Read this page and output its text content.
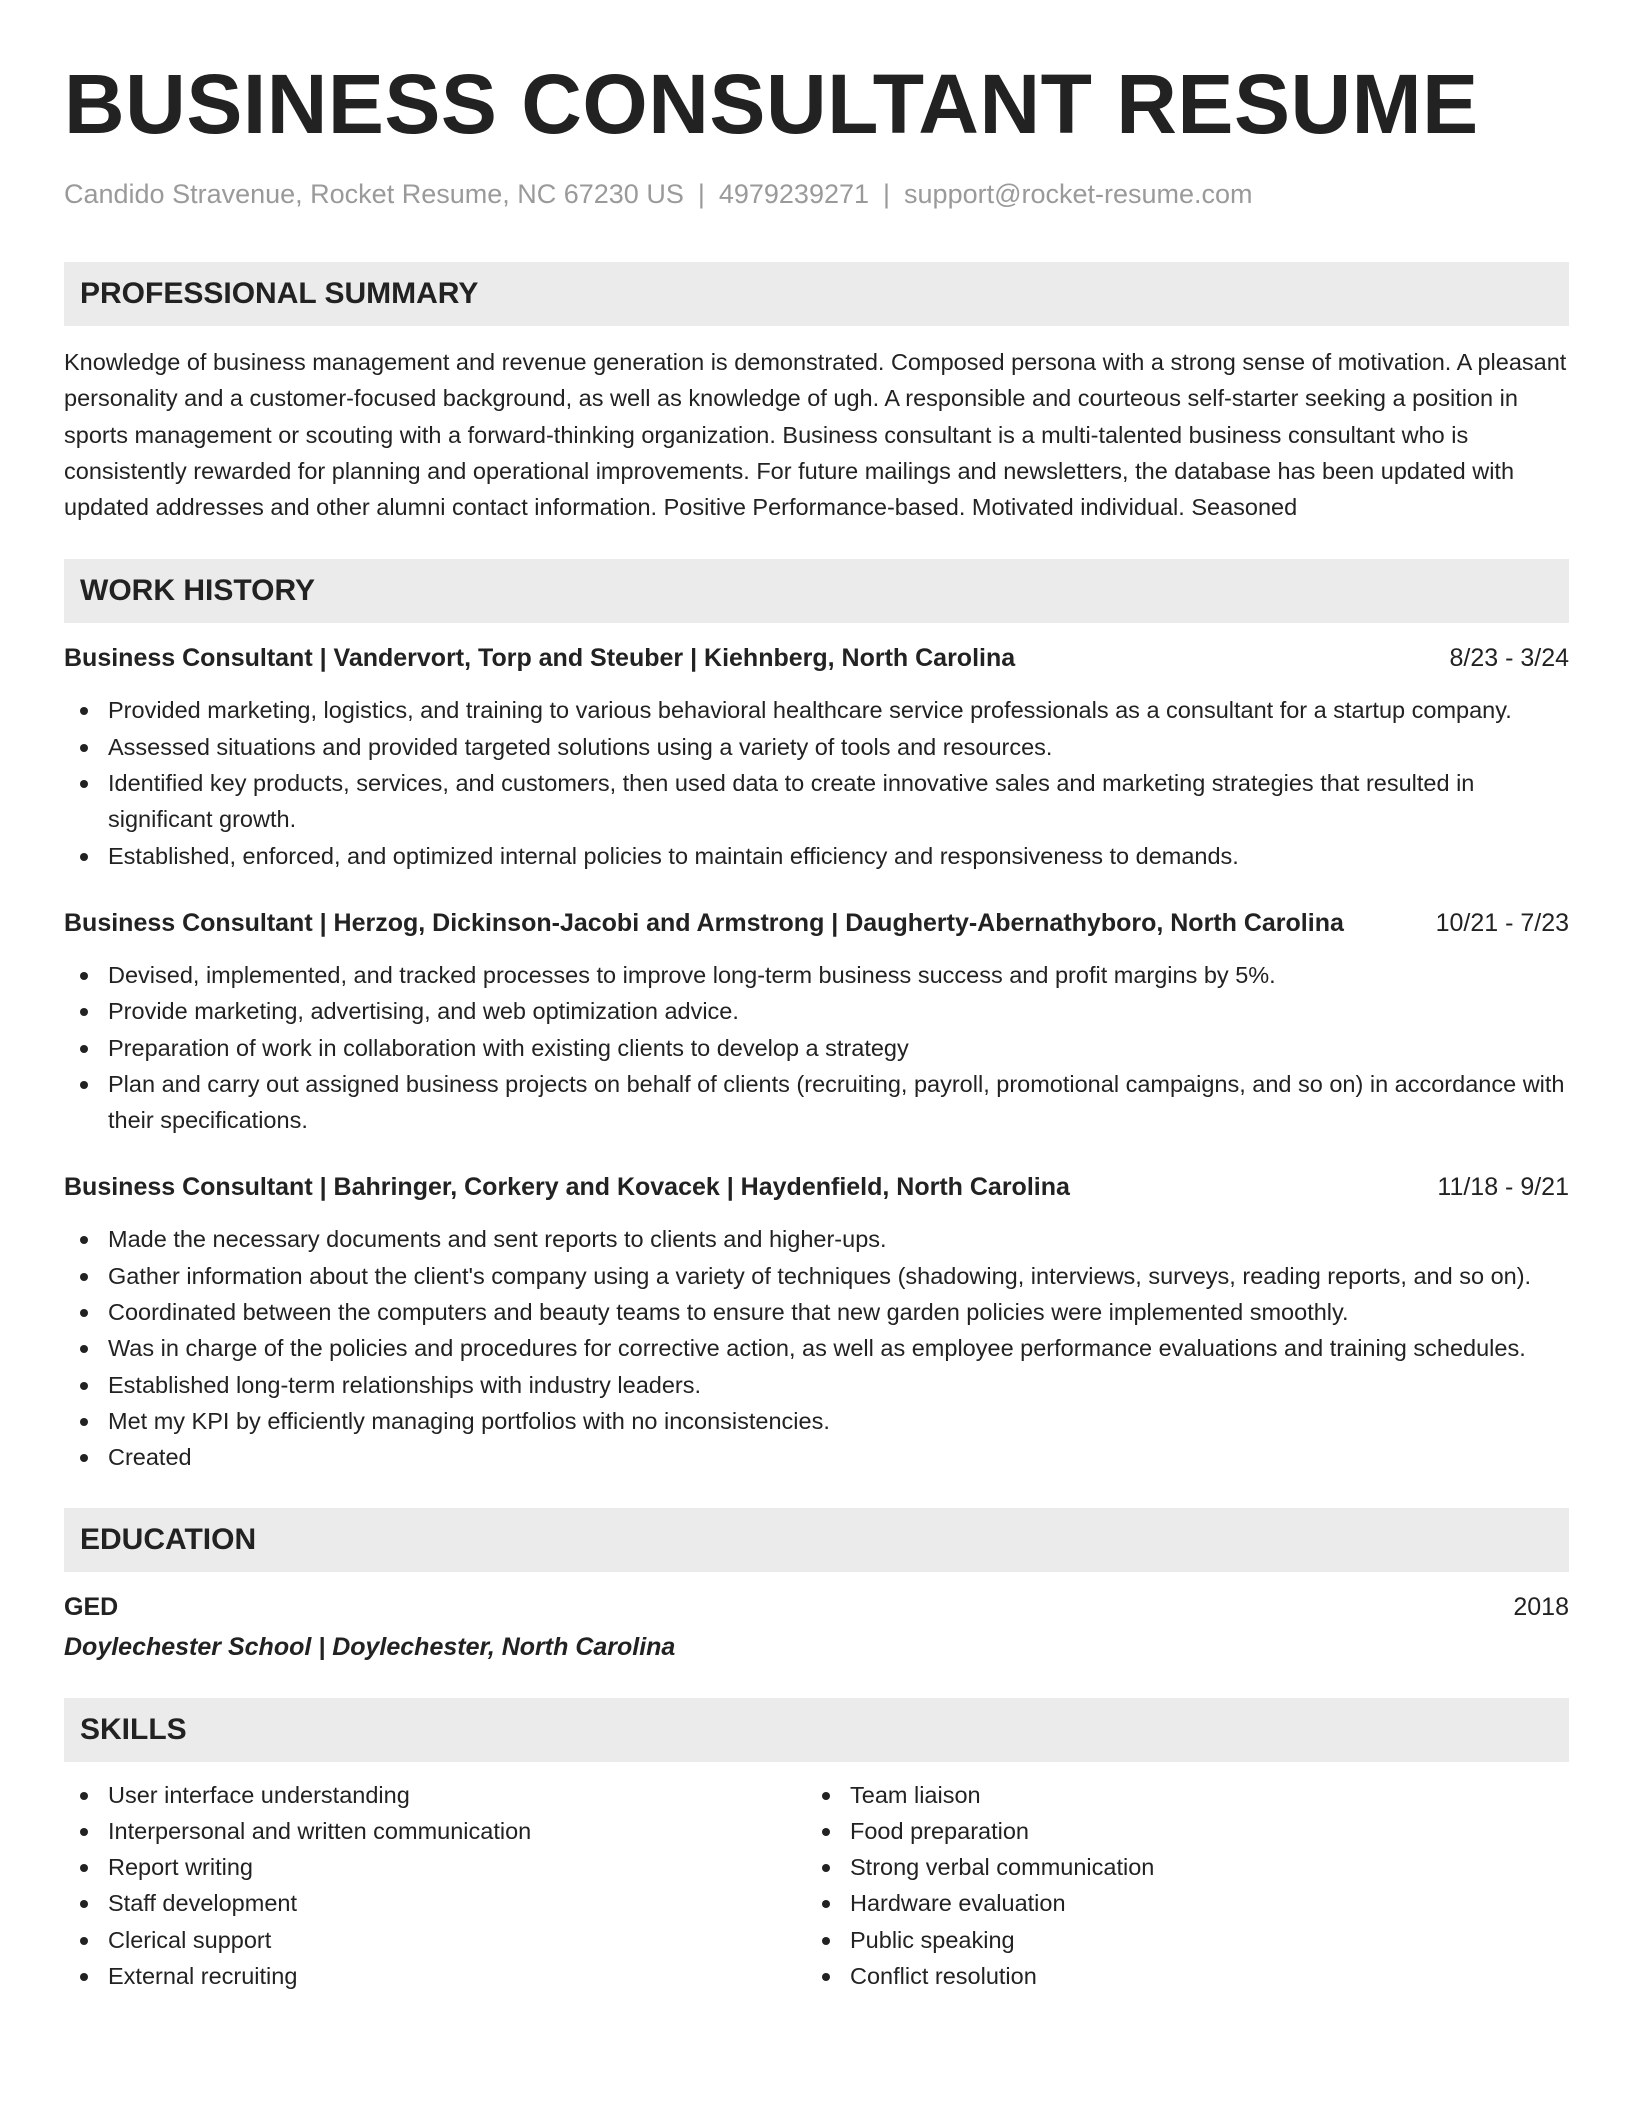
BUSINESS CONSULTANT RESUME
Candido Stravenue, Rocket Resume, NC 67230 US | 4979239271 | support@rocket-resume.com
PROFESSIONAL SUMMARY

Knowledge of business management and revenue generation is demonstrated. Composed persona with a strong sense of motivation. A pleasant personality and a customer-focused background, as well as knowledge of ugh. A responsible and courteous self-starter seeking a position in sports management or scouting with a forward-thinking organization. Business consultant is a multi-talented business consultant who is consistently rewarded for planning and operational improvements. For future mailings and newsletters, the database has been updated with updated addresses and other alumni contact information. Positive Performance-based. Motivated individual. Seasoned

WORK HISTORY
Business Consultant | Vandervort, Torp and Steuber | Kiehnberg, North Carolina	8/23 - 3/24
Provided marketing, logistics, and training to various behavioral healthcare service professionals as a consultant for a startup company.
Assessed situations and provided targeted solutions using a variety of tools and resources.
Identified key products, services, and customers, then used data to create innovative sales and marketing strategies that resulted in significant growth.
Established, enforced, and optimized internal policies to maintain efficiency and responsiveness to demands.
Business Consultant | Herzog, Dickinson-Jacobi and Armstrong | Daugherty-Abernathyboro, North Carolina	10/21 - 7/23
Devised, implemented, and tracked processes to improve long-term business success and profit margins by 5%.
Provide marketing, advertising, and web optimization advice.
Preparation of work in collaboration with existing clients to develop a strategy
Plan and carry out assigned business projects on behalf of clients (recruiting, payroll, promotional campaigns, and so on) in accordance with their specifications.
Business Consultant | Bahringer, Corkery and Kovacek | Haydenfield, North Carolina	11/18 - 9/21
Made the necessary documents and sent reports to clients and higher-ups.
Gather information about the client's company using a variety of techniques (shadowing, interviews, surveys, reading reports, and so on).
Coordinated between the computers and beauty teams to ensure that new garden policies were implemented smoothly.
Was in charge of the policies and procedures for corrective action, as well as employee performance evaluations and training schedules.
Established long-term relationships with industry leaders.
Met my KPI by efficiently managing portfolios with no inconsistencies.
Created
EDUCATION
GED	2018
Doylechester School | Doylechester, North Carolina
SKILLS
User interface understanding
Interpersonal and written communication
Report writing
Staff development
Clerical support
External recruiting
Team liaison
Food preparation
Strong verbal communication
Hardware evaluation
Public speaking
Conflict resolution
